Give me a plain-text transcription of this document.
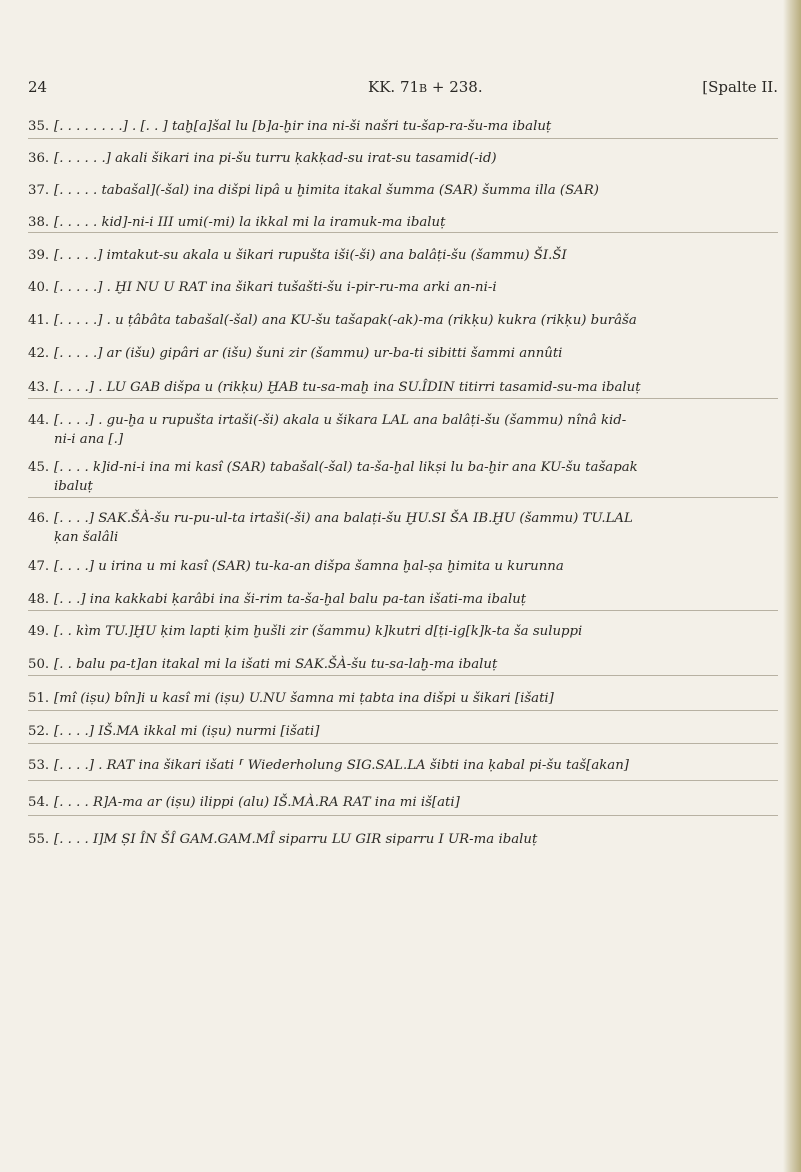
24	KK. 71b + 238.	[Spalte II.
35. [. . . . . . . .] . [. . ] taḫ[a]šal lu [b]a-ḫir ina ni-ši našri tu-šap-ra-šu-ma ibaluṭ
36. [. . . . . .] akali šikari ina pi-šu turru ḳakḳad-su irat-su tasamid(-id)
37. [. . . . . tabašal](-šal) ina dišpi lipâ u ḫimita itakal šumma (SAR) šumma illa (SAR)
38. [. . . . . kid]-ni-i III umi(-mi) la ikkal mi la iramuk-ma ibaluṭ
39. [. . . . .] imtakut-su akala u šikari rupušta iši(-ši) ana balâṭi-šu (šammu) ŠI.ŠI
40. [. . . . .] . ḪI NU U RAT ina šikari tušašti-šu i-pir-ru-ma arki an-ni-i
41. [. . . . .] . u ṭâbâta tabašal(-šal) ana KU-šu tašapak(-ak)-ma (rikḳu) kukra (rikḳu) burâša
42. [. . . . .] ar (išu) gipâri ar (išu) šuni zir (šammu) ur-ba-ti sibitti šammi annûti
43. [. . . .] . LU GAB dišpa u (rikḳu) ḪAB tu-sa-maḫ ina SU.ÎDIN titirri tasamid-su-ma ibaluṭ
44. [. . . .] . gu-ḫa u rupušta irtaši(-ši) akala u šikara LAL ana balâṭi-šu (šammu) nînâ kid-
ni-i ana [.]
45. [. . . . k]id-ni-i ina mi kasî (SAR) tabašal(-šal) ta-ša-ḫal likṣi lu ba-ḫir ana KU-šu tašapak
ibaluṭ
46. [. . . .] SAK.ŠÀ-šu ru-pu-ul-ta irtaši(-ši) ana balaṭi-šu ḪU.SI ŠA IB.ḪU (šammu) TU.LAL
ḳan šalâli
47. [. . . .] u irina u mi kasî (SAR) tu-ka-an dišpa šamna ḫal-ṣa ḫimita u kurunna
48. [. . .] ina kakkabi ḳarâbi ina ši-rim ta-ša-ḫal balu pa-tan išati-ma ibaluṭ
49. [. . kìm TU.]ḪU ḳim lapti ḳim ḫušli zir (šammu) k]kutri d[ṭi-ig[k]k-ta ša suluppi
50. [. . balu pa-t]an itakal mi la išati mi SAK.ŠÀ-šu tu-sa-laḫ-ma ibaluṭ
51. [mî (iṣu) bîn]i u kasî mi (iṣu) U.NU šamna mi ṭabta ina dišpi u šikari [išati]
52. [. . . .] IŠ.MA ikkal mi (iṣu) nurmi [išati]
53. [. . . .] . RAT ina šikari išati ⸢ Wiederholung SIG.SAL.LA šibti ina ḳabal pi-šu taš[akan]
54. [. . . . R]A-ma ar (iṣu) ilippi (alu) IŠ.MÀ.RA RAT ina mi iš[ati]
55. [. . . . I]M ṢI ÎN ŠÎ GAM.GAM.MÎ siparru LU GIR siparru I UR-ma ibaluṭ
